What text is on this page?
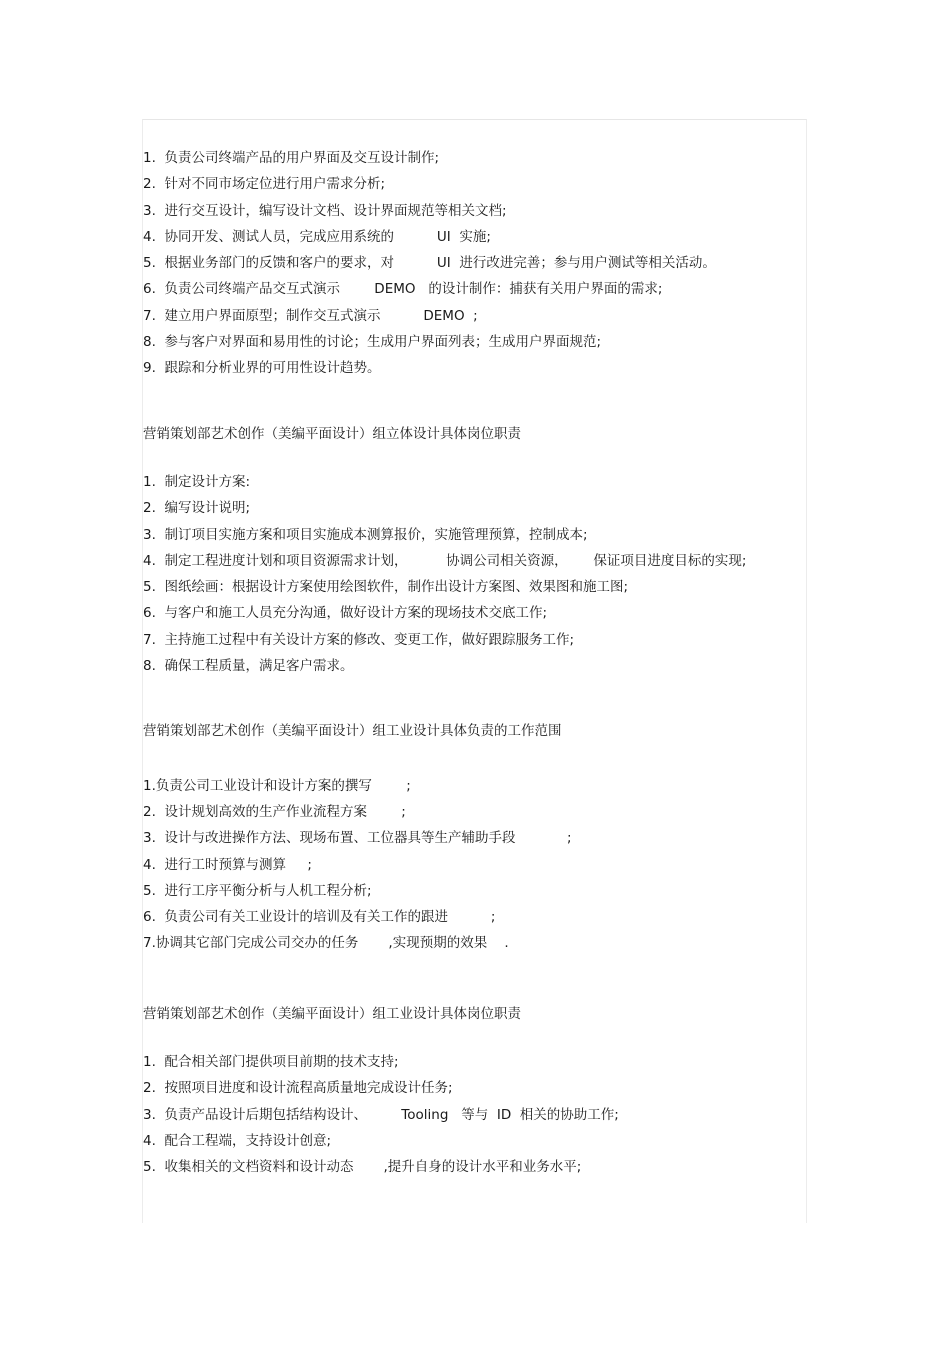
1.  负责公司终端产品的用户界面及交互设计制作;
2.  针对不同市场定位进行用户需求分析;
3.  进行交互设计，编写设计文档、设计界面规范等相关文档;
4.  协同开发、测试人员，完成应用系统的          UI  实施;
5.  根据业务部门的反馈和客户的要求，对          UI  进行改进完善；参与用户测试等相关活动。
6.  负责公司终端产品交互式演示        DEMO   的设计制作：捕获有关用户界面的需求;
7.  建立用户界面原型；制作交互式演示          DEMO  ;
8.  参与客户对界面和易用性的讨论；生成用户界面列表；生成用户界面规范;
9.  跟踪和分析业界的可用性设计趋势。
营销策划部艺术创作（美编平面设计）组立体设计具体岗位职责
1.  制定设计方案:
2.  编写设计说明;
3.  制订项目实施方案和项目实施成本测算报价，实施管理预算，控制成本;
4.  制定工程进度计划和项目资源需求计划，         协调公司相关资源，      保证项目进度目标的实现;
5.  图纸绘画：根据设计方案使用绘图软件，制作出设计方案图、效果图和施工图;
6.  与客户和施工人员充分沟通，做好设计方案的现场技术交底工作;
7.  主持施工过程中有关设计方案的修改、变更工作，做好跟踪服务工作;
8.  确保工程质量，满足客户需求。
营销策划部艺术创作（美编平面设计）组工业设计具体负责的工作范围
1.负责公司工业设计和设计方案的撰写        ;
2.  设计规划高效的生产作业流程方案        ;
3.  设计与改进操作方法、现场布置、工位器具等生产辅助手段            ;
4.  进行工时预算与测算     ;
5.  进行工序平衡分析与人机工程分析;
6.  负责公司有关工业设计的培训及有关工作的跟进          ;
7.协调其它部门完成公司交办的任务       ,实现预期的效果    .
营销策划部艺术创作（美编平面设计）组工业设计具体岗位职责
1.  配合相关部门提供项目前期的技术支持;
2.  按照项目进度和设计流程高质量地完成设计任务;
3.  负责产品设计后期包括结构设计、        Tooling   等与  ID  相关的协助工作;
4.  配合工程端，支持设计创意;
5.  收集相关的文档资料和设计动态       ,提升自身的设计水平和业务水平;
